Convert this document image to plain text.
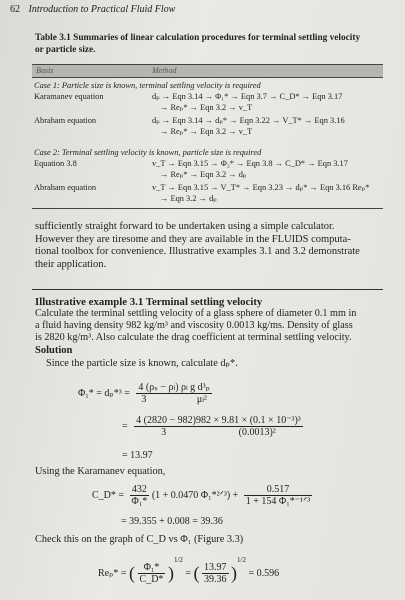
62 Introduction to Practical Fluid Flow
Table 3.1 Summaries of linear calculation procedures for terminal settling velocity
or particle size.
Basis	Method
Case 1: Particle size is known, terminal settling velocity is required
Karamanev equation	dₚ → Eqn 3.14 → Φ₁* → Eqn 3.7 → C_D* → Eqn 3.17
→ Reₚ* → Eqn 3.2 → v_T
Abraham equation	dₚ → Eqn 3.14 → dₚ* → Eqn 3.22 → V_T* → Eqn 3.16
→ Reₚ* → Eqn 3.2 → v_T
Case 2: Terminal settling velocity is known, particle size is required
Equation 3.8	v_T → Eqn 3.15 → Φ₂* → Eqn 3.8 → C_D* → Eqn 3.17
→ Reₚ* → Eqn 3.2 → dₚ
Abraham equation	v_T → Eqn 3.15 → V_T* → Eqn 3.23 → dₚ* → Eqn 3.16 Reₚ*
→ Eqn 3.2 → dₚ
sufficiently straight forward to be undertaken using a simple calculator.
However they are tiresome and they are available in the FLUIDS computa-
tional toolbox for convenience. Illustrative examples 3.1 and 3.2 demonstrate
their application.
Illustrative example 3.1 Terminal settling velocity
Calculate the terminal settling velocity of a glass sphere of diameter 0.1 mm in
a fluid having density 982 kg/m³ and viscosity 0.0013 kg/ms. Density of glass
is 2820 kg/m³. Also calculate the drag coefficient at terminal settling velocity.
Solution
Since the particle size is known, calculate dₚ*.
Φ₁* = dₚ*³ = 4 (ρₛ − ρₗ) ρₗ g d³ₚ
3	μₗ²
= 4 (2820 − 982)982 × 9.81 × (0.1 × 10⁻³)³
3	(0.0013)²
= 13.97
Using the Karamanev equation,
C_D* = $\frac{432}{\text{Φ₁*}} (1 + 0.0470$ Φ₁*²ᐟ³) + $\frac{0.517}{\text{1 + 154 Φ₁*⁻¹ᐟ³}}$
= 39.355 + 0.008 = 39.36
Check this on the graph of C_D vs Φ₁ (Figure 3.3)
Reₚ* = ( $\frac{\text{Φ₁*}}{C\_D*} )^{1/2}$ = ( $\frac{13.97}{39.36} )^{1/2} = 0.596$
